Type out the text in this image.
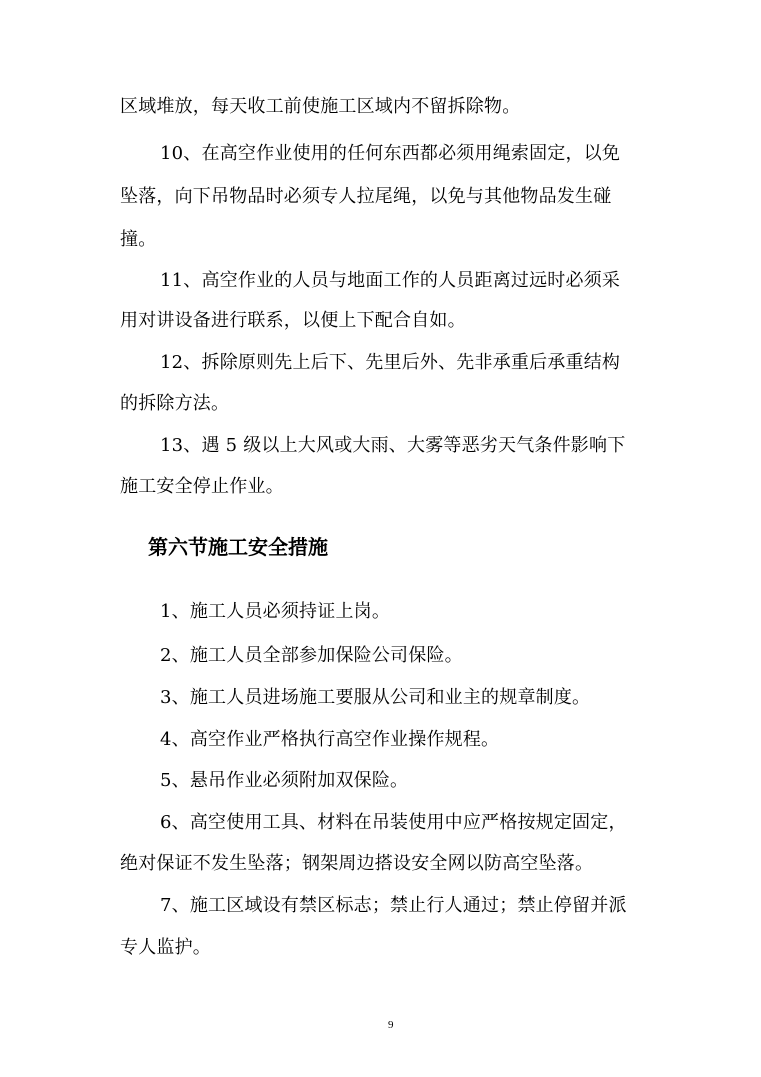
区域堆放，每天收工前使施工区域内不留拆除物。
10、在高空作业使用的任何东西都必须用绳索固定，以免
坠落，向下吊物品时必须专人拉尾绳，以免与其他物品发生碰
撞。
11、高空作业的人员与地面工作的人员距离过远时必须采
用对讲设备进行联系，以便上下配合自如。
12、拆除原则先上后下、先里后外、先非承重后承重结构
的拆除方法。
13、遇 5 级以上大风或大雨、大雾等恶劣天气条件影响下
施工安全停止作业。
第六节施工安全措施
1、施工人员必须持证上岗。
2、施工人员全部参加保险公司保险。
3、施工人员进场施工要服从公司和业主的规章制度。
4、高空作业严格执行高空作业操作规程。
5、悬吊作业必须附加双保险。
6、高空使用工具、材料在吊装使用中应严格按规定固定，
绝对保证不发生坠落；钢架周边搭设安全网以防高空坠落。
7、施工区域设有禁区标志；禁止行人通过；禁止停留并派
专人监护。
9
